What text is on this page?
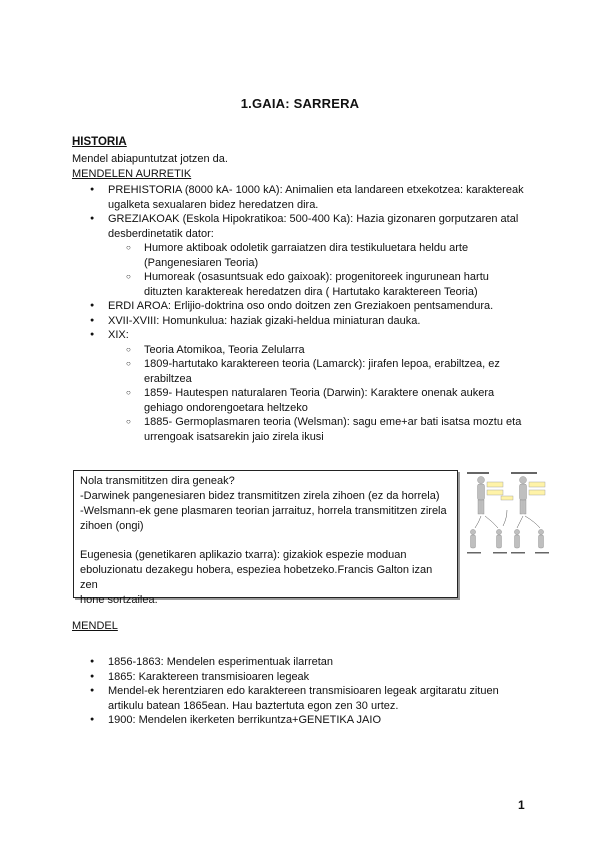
1.GAIA: SARRERA
HISTORIA
Mendel abiapuntutzat jotzen da.
MENDELEN AURRETIK
● PREHISTORIA (8000 kA- 1000 kA): Animalien eta landareen etxekotzea: karaktereak ugalketa sexualaren bidez heredatzen dira.
● GREZIAKOAK (Eskola Hipokratikoa: 500-400 Ka): Hazia gizonaren gorputzaren atal desberdinetatik dator:
○ Humore aktiboak odoletik garraiatzen dira testikuluetara heldu arte (Pangenesiaren Teoria)
○ Humoreak (osasuntsuak edo gaixoak): progenitoreek ingurunean hartu dituzten karaktereak heredatzen dira ( Hartutako karaktereen Teoria)
● ERDI AROA: Erlijio-doktrina oso ondo doitzen zen Greziakoen pentsamendura.
● XVII-XVIII: Homunkulua: haziak gizaki-heldua miniaturan dauka.
● XIX:
○ Teoria Atomikoa, Teoria Zelularra
○ 1809-hartutako karaktereen teoria (Lamarck): jirafen lepoa, erabiltzea, ez erabiltzea
○ 1859- Hautespen naturalaren Teoria (Darwin): Karaktere onenak aukera gehiago ondorengoetara heltzeko
○ 1885- Germoplasmaren teoria (Welsman): sagu eme+ar bati isatsa moztu eta urrengoak isatsarekin jaio zirela ikusi

Nola transmititzen dira geneak?
-Darwinek pangenesiaren bidez transmititzen zirela zihoen (ez da horrela)
-Welsmann-ek gene plasmaren teorian jarraituz, horrela transmititzen zirela
zihoen (ongi)

Eugenesia (genetikaren aplikazio txarra): gizakiok espezie moduan
eboluzionatu dezakegu hobera, espeziea hobetzeko.Francis Galton izan zen
hone sortzailea.

MENDEL
● 1856-1863: Mendelen esperimentuak ilarretan
● 1865: Karaktereen transmisioaren legeak
● Mendel-ek herentziaren edo karaktereen transmisioaren legeak argitaratu zituen artikulu batean 1865ean. Hau baztertuta egon zen 30 urtez.
● 1900: Mendelen ikerketen berrikuntza+GENETIKA JAIO
1
